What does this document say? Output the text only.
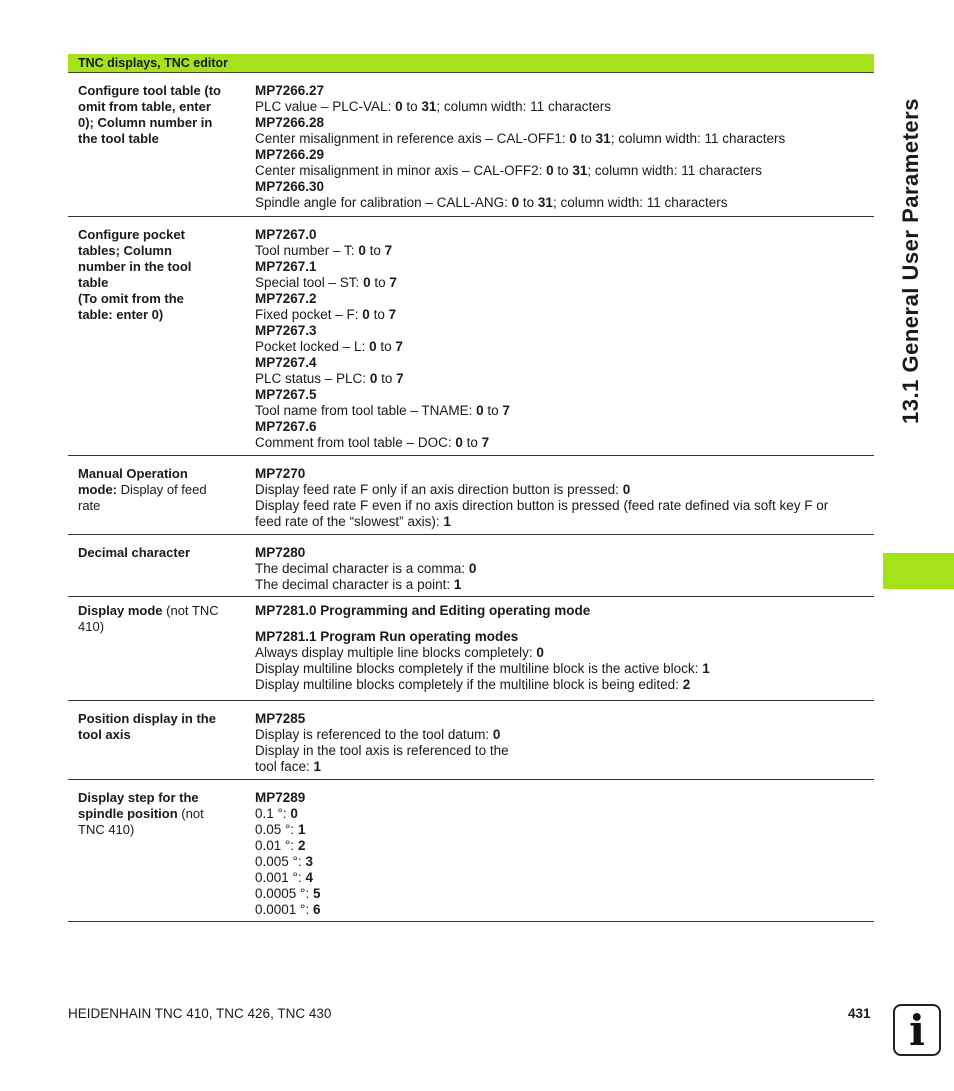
TNC displays, TNC editor
Configure tool table (to
omit from table, enter
0); Column number in
the tool table
MP7266.27
PLC value – PLC-VAL: 0 to 31; column width: 11 characters
MP7266.28
Center misalignment in reference axis – CAL-OFF1: 0 to 31; column width: 11 characters
MP7266.29
Center misalignment in minor axis – CAL-OFF2: 0 to 31; column width: 11 characters
MP7266.30
Spindle angle for calibration – CALL-ANG: 0 to 31; column width: 11 characters
Configure pocket
tables; Column
number in the tool
table
(To omit from the
table: enter 0)
MP7267.0
Tool number – T: 0 to 7
MP7267.1
Special tool – ST: 0 to 7
MP7267.2
Fixed pocket – F: 0 to 7
MP7267.3
Pocket locked – L: 0 to 7
MP7267.4
PLC status – PLC: 0 to 7
MP7267.5
Tool name from tool table – TNAME: 0 to 7
MP7267.6
Comment from tool table – DOC: 0 to 7
Manual Operation
mode: Display of feed
rate
MP7270
Display feed rate F only if an axis direction button is pressed: 0
Display feed rate F even if no axis direction button is pressed (feed rate defined via soft key F or
feed rate of the “slowest” axis): 1
Decimal character	MP7280
The decimal character is a comma: 0
The decimal character is a point: 1
Display mode (not TNC
410)
MP7281.0 Programming and Editing operating mode
MP7281.1 Program Run operating modes
Always display multiple line blocks completely: 0
Display multiline blocks completely if the multiline block is the active block: 1
Display multiline blocks completely if the multiline block is being edited: 2
Position display in the
tool axis
MP7285
Display is referenced to the tool datum: 0
Display in the tool axis is referenced to the
tool face: 1
Display step for the
spindle position (not
TNC 410)
MP7289
0.1 °: 0
0.05 °: 1
0.01 °: 2
0.005 °: 3
0.001 °: 4
0.0005 °: 5
0.0001 °: 6
13.1 General User Parameters
HEIDENHAIN TNC 410, TNC 426, TNC 430	431 i
